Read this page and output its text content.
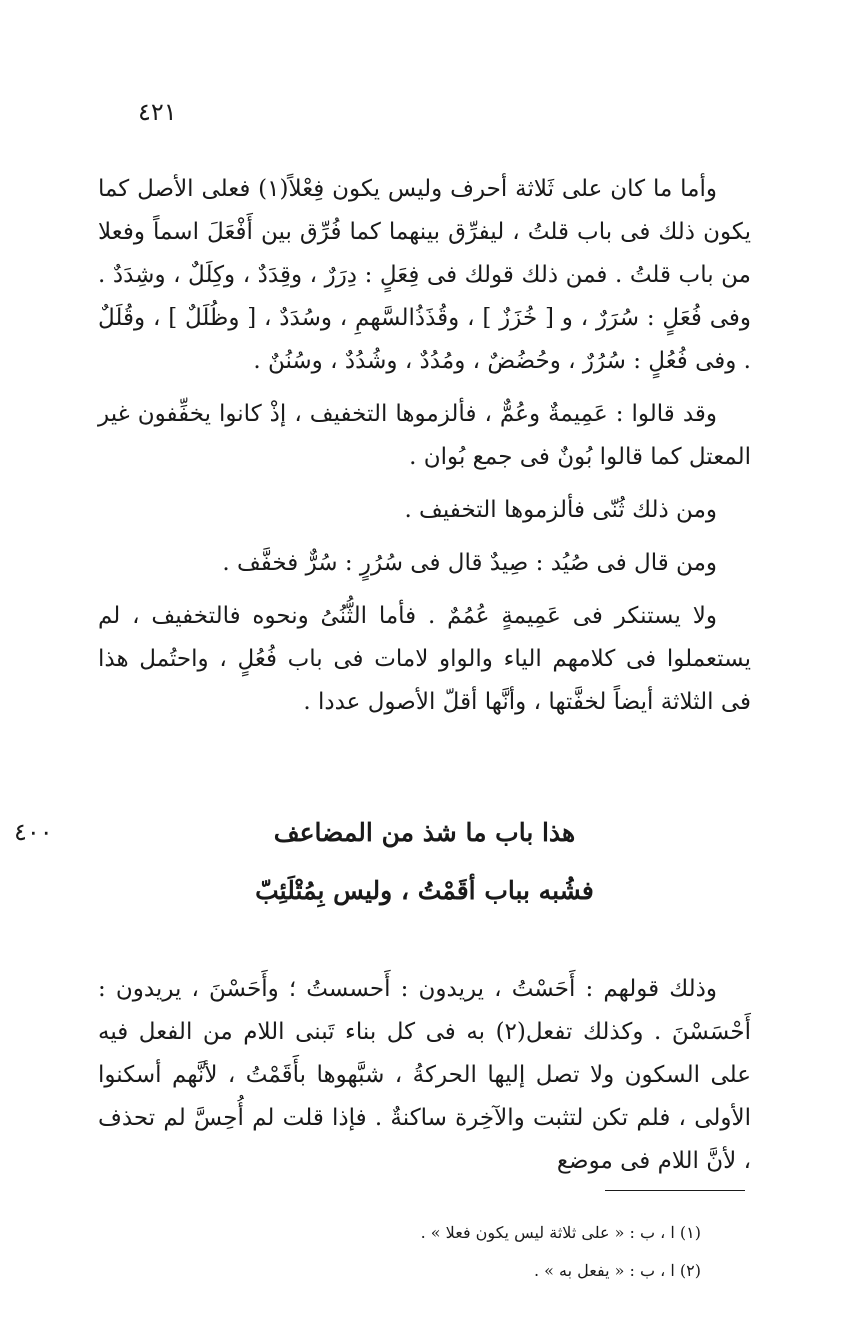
٤٢١

وأما ما كان على ثَلاثة أحرف وليس يكون فِعْلاً(١) فعلى الأصل كما يكون ذلك فى باب قلتُ ، ليفرِّق بينهما كما فُرِّق بين أَفْعَلَ اسماً وفعلا من باب قلتُ . فمن ذلك قولك فى فِعَلٍ : دِرَرٌ ، وقِدَدٌ ، وكِلَلٌ ، وشِدَدٌ . وفى فُعَلٍ : سُرَرٌ ، و [ خُزَزٌ ] ، وقُذَذُالسَّهمِ ، وسُدَدٌ ، [ وظُلَلٌ ] ، وقُلَلٌ . وفى فُعُلٍ : سُرُرٌ ، وحُضُضٌ ، ومُدُدٌ ، وشُدُدٌ ، وسُنُنٌ .

وقد قالوا : عَمِيمةٌ وعُمٌّ ، فألزموها التخفيف ، إذْ كانوا يخفِّفون غير المعتل كما قالوا بُونٌ فى جمع بُوان .

ومن ذلك ثُنّى فألزموها التخفيف .

ومن قال فى صُيُد : صِيدٌ قال فى سُرُرٍ : سُرٌّ فخفَّف .

ولا يستنكر فى عَمِيمةٍ عُمُمٌ . فأما الثُّنُىُ ونحوه فالتخفيف ، لم يستعملوا فى كلامهم الياء والواو لامات فى باب فُعُلٍ ، واحتُمل هذا فى الثلاثة أيضاً لخفَّتها ، وأنَّها أقلّ الأصول عددا .

٤٠٠	هذا باب ما شذ من المضاعف
فشُبه بباب أقَمْتُ ، وليس بِمُتْلَئِبّ

وذلك قولهم : أَحَسْتُ ، يريدون : أَحسستُ ؛ وأَحَسْنَ ، يريدون : أَحْسَسْنَ . وكذلك تفعل(٢) به فى كل بناء تَبنى اللام من الفعل فيه على السكون ولا تصل إليها الحركةُ ، شبَّهوها بأَقَمْتُ ، لأنَّهم أسكنوا الأولى ، فلم تكن لتثبت والآخِرة ساكنةٌ . فإذا قلت لم أُحِسَّ لم تحذف ، لأنَّ اللام فى موضع

(١) ا ، ب : « على ثلاثة ليس يكون فعلا » .
(٢) ا ، ب : « يفعل به » .
